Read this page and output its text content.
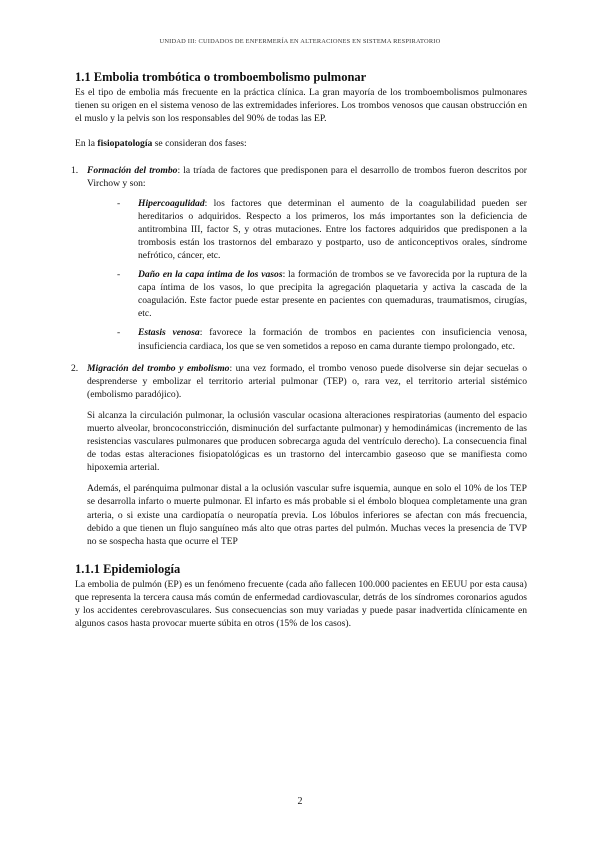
UNIDAD III: CUIDADOS DE ENFERMERÍA EN ALTERACIONES EN SISTEMA RESPIRATORIO
1.1 Embolia trombótica o tromboembolismo pulmonar

Es el tipo de embolia más frecuente en la práctica clínica. La gran mayoría de los tromboembolismos pulmonares tienen su origen en el sistema venoso de las extremidades inferiores. Los trombos venosos que causan obstrucción en el muslo y la pelvis son los responsables del 90% de todas las EP.

En la fisiopatología se consideran dos fases:

1. Formación del trombo: la tríada de factores que predisponen para el desarrollo de trombos fueron descritos por Virchow y son:

- Hipercoagulidad: los factores que determinan el aumento de la coagulabilidad pueden ser hereditarios o adquiridos. Respecto a los primeros, los más importantes son la deficiencia de antitrombina III, factor S, y otras mutaciones. Entre los factores adquiridos que predisponen a la trombosis están los trastornos del embarazo y postparto, uso de anticonceptivos orales, síndrome nefrótico, cáncer, etc.

- Daño en la capa íntima de los vasos: la formación de trombos se ve favorecida por la ruptura de la capa íntima de los vasos, lo que precipita la agregación plaquetaria y activa la cascada de la coagulación. Este factor puede estar presente en pacientes con quemaduras, traumatismos, cirugías, etc.

- Estasis venosa: favorece la formación de trombos en pacientes con insuficiencia venosa, insuficiencia cardiaca, los que se ven sometidos a reposo en cama durante tiempo prolongado, etc.

2. Migración del trombo y embolismo: una vez formado, el trombo venoso puede disolverse sin dejar secuelas o desprenderse y embolizar el territorio arterial pulmonar (TEP) o, rara vez, el territorio arterial sistémico (embolismo paradójico).

Si alcanza la circulación pulmonar, la oclusión vascular ocasiona alteraciones respiratorias (aumento del espacio muerto alveolar, broncoconstricción, disminución del surfactante pulmonar) y hemodinámicas (incremento de las resistencias vasculares pulmonares que producen sobrecarga aguda del ventrículo derecho). La consecuencia final de todas estas alteraciones fisiopatológicas es un trastorno del intercambio gaseoso que se manifiesta como hipoxemia arterial.

Además, el parénquima pulmonar distal a la oclusión vascular sufre isquemia, aunque en solo el 10% de los TEP se desarrolla infarto o muerte pulmonar. El infarto es más probable si el émbolo bloquea completamente una gran arteria, o si existe una cardiopatía o neuropatía previa. Los lóbulos inferiores se afectan con más frecuencia, debido a que tienen un flujo sanguíneo más alto que otras partes del pulmón. Muchas veces la presencia de TVP no se sospecha hasta que ocurre el TEP

1.1.1 Epidemiología

La embolia de pulmón (EP) es un fenómeno frecuente (cada año fallecen 100.000 pacientes en EEUU por esta causa) que representa la tercera causa más común de enfermedad cardiovascular, detrás de los síndromes coronarios agudos y los accidentes cerebrovasculares. Sus consecuencias son muy variadas y puede pasar inadvertida clínicamente en algunos casos hasta provocar muerte súbita en otros (15% de los casos).

2
